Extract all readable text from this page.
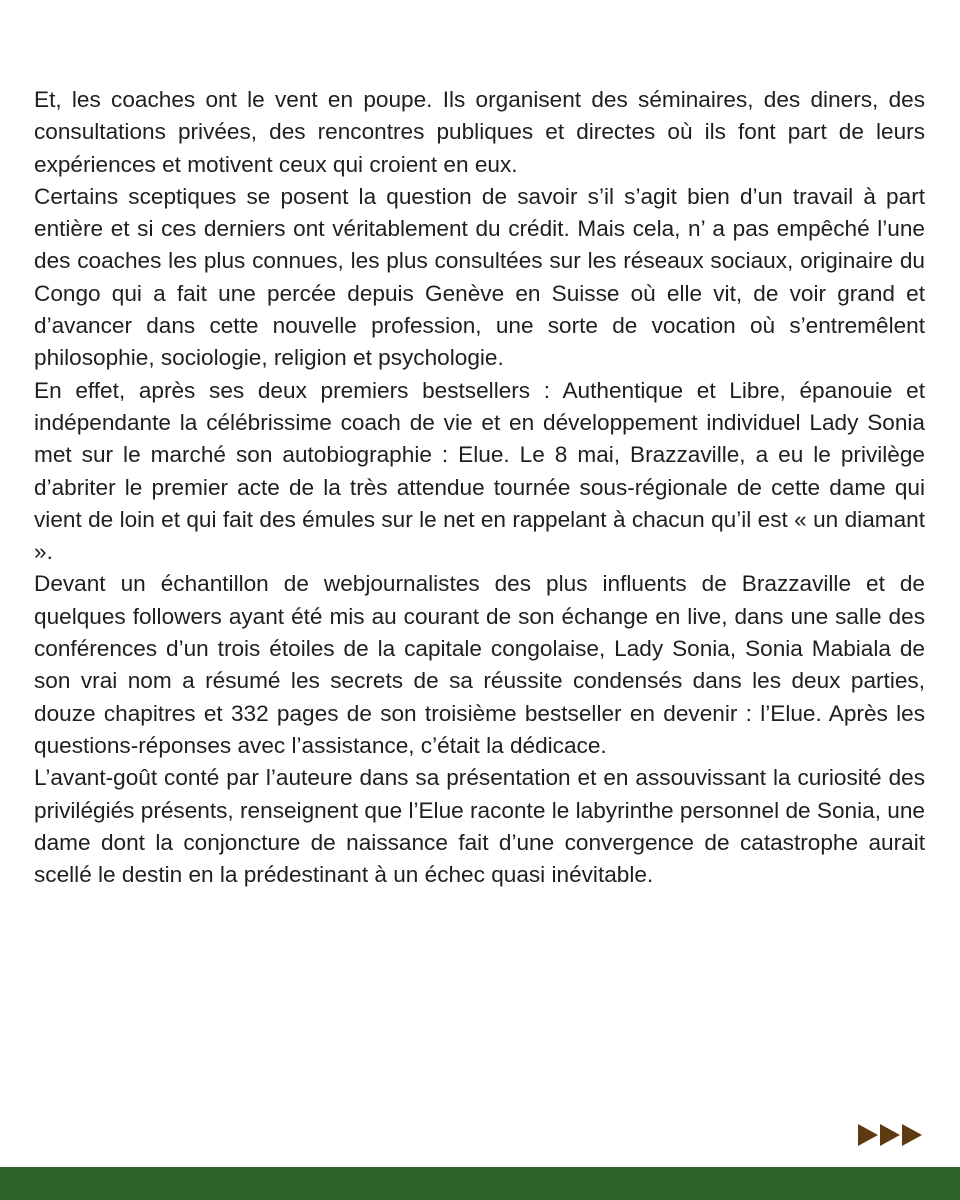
Et, les coaches ont le vent en poupe. Ils organisent des séminaires, des diners, des consultations privées, des rencontres publiques et directes où ils font part de leurs expériences et motivent ceux qui croient en eux.

Certains sceptiques se posent la question de savoir s’il s’agit bien d’un travail à part entière et si ces derniers ont véritablement du crédit. Mais cela, n’ a pas empêché l’une des coaches les plus connues, les plus consultées sur les réseaux sociaux, originaire du Congo qui a fait une percée depuis Genève en Suisse où elle vit, de voir grand et d’avancer dans cette nouvelle profession, une sorte de vocation où s’entremêlent philosophie, sociologie, religion et psychologie.

En effet, après ses deux premiers bestsellers : Authentique et Libre, épanouie et indépendante la célébrissime coach de vie et en développement individuel Lady Sonia met sur le marché son autobiographie : Elue. Le 8 mai, Brazzaville, a eu le privilège d’abriter le premier acte de la très attendue tournée sous-régionale de cette dame qui vient de loin et qui fait des émules sur le net en rappelant à chacun qu’il est « un diamant ».

Devant un échantillon de webjournalistes des plus influents de Brazzaville et de quelques followers ayant été mis au courant de son échange en live, dans une salle des conférences d’un trois étoiles de la capitale congolaise, Lady Sonia, Sonia Mabiala de son vrai nom a résumé les secrets de sa réussite condensés dans les deux parties, douze chapitres et 332 pages de son troisième bestseller en devenir : l’Elue. Après les questions-réponses avec l’assistance, c’était la dédicace.

L’avant-goût conté par l’auteure dans sa présentation et en assouvissant la curiosité des privilégiés présents, renseignent que l’Elue raconte le labyrinthe personnel de Sonia, une dame dont la conjoncture de naissance fait d’une convergence de catastrophe aurait scellé le destin en la prédestinant à un échec quasi inévitable.
